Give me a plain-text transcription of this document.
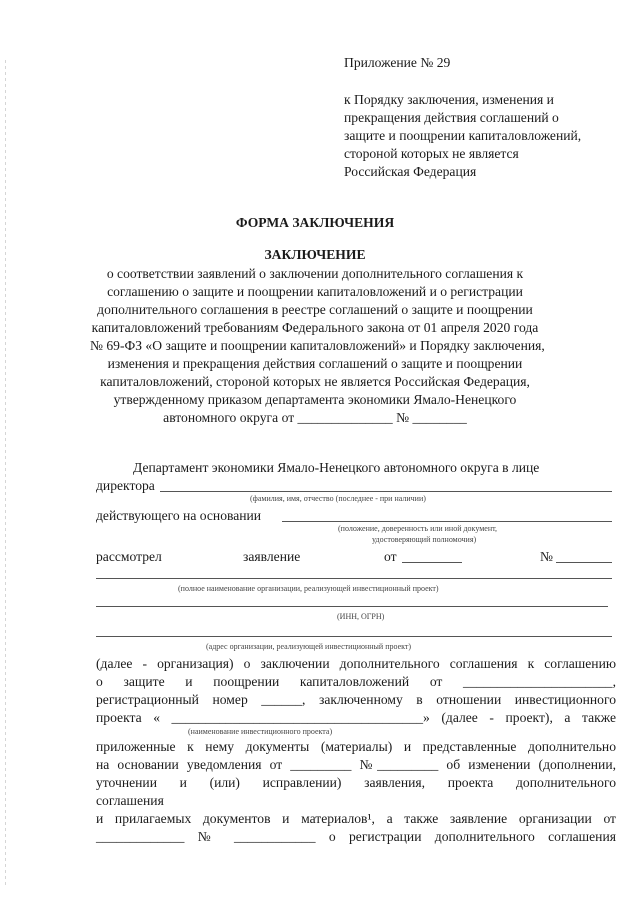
Приложение № 29
к Порядку заключения, изменения и
прекращения действия соглашений о
защите и поощрении капиталовложений,
стороной которых не является
Российская Федерация
ФОРМА ЗАКЛЮЧЕНИЯ
ЗАКЛЮЧЕНИЕ
о соответствии заявлений о заключении дополнительного соглашения к
соглашению о защите и поощрении капиталовложений и о регистрации
дополнительного соглашения в реестре соглашений о защите и поощрении
капиталовложений требованиям Федерального закона от 01 апреля 2020 года
№ 69-ФЗ «О защите и поощрении капиталовложений» и Порядку заключения,
изменения и прекращения действия соглашений о защите и поощрении
капиталовложений, стороной которых не является Российская Федерация,
утвержденному приказом департамента экономики Ямало-Ненецкого
автономного округа от ______________ № ________
Департамент экономики Ямало-Ненецкого автономного округа в лице
директора
(фамилия, имя, отчество (последнее - при наличии)
действующего на основании
(положение, доверенность или иной документ,
удостоверяющий полномочия)
рассмотрел	заявление	от	№
(полное наименование организации, реализующей инвестиционный проект)
(ИНН, ОГРН)
(адрес организации, реализующей инвестиционный проект)
(далее - организация) о заключении дополнительного соглашения к соглашению
о защите и поощрении капиталовложений от ______________________,
регистрационный номер ______, заключенному в отношении инвестиционного
проекта « _____________________________________» (далее - проект), а также
(наименование инвестиционного проекта)
приложенные к нему документы (материалы) и представленные дополнительно
на основании уведомления от _________ №_________ об изменении (дополнении,
уточнении и (или) исправлении) заявления, проекта дополнительного
соглашения
и прилагаемых документов и материалов¹, а также заявление организации от
_____________ № ____________ о регистрации дополнительного соглашения
